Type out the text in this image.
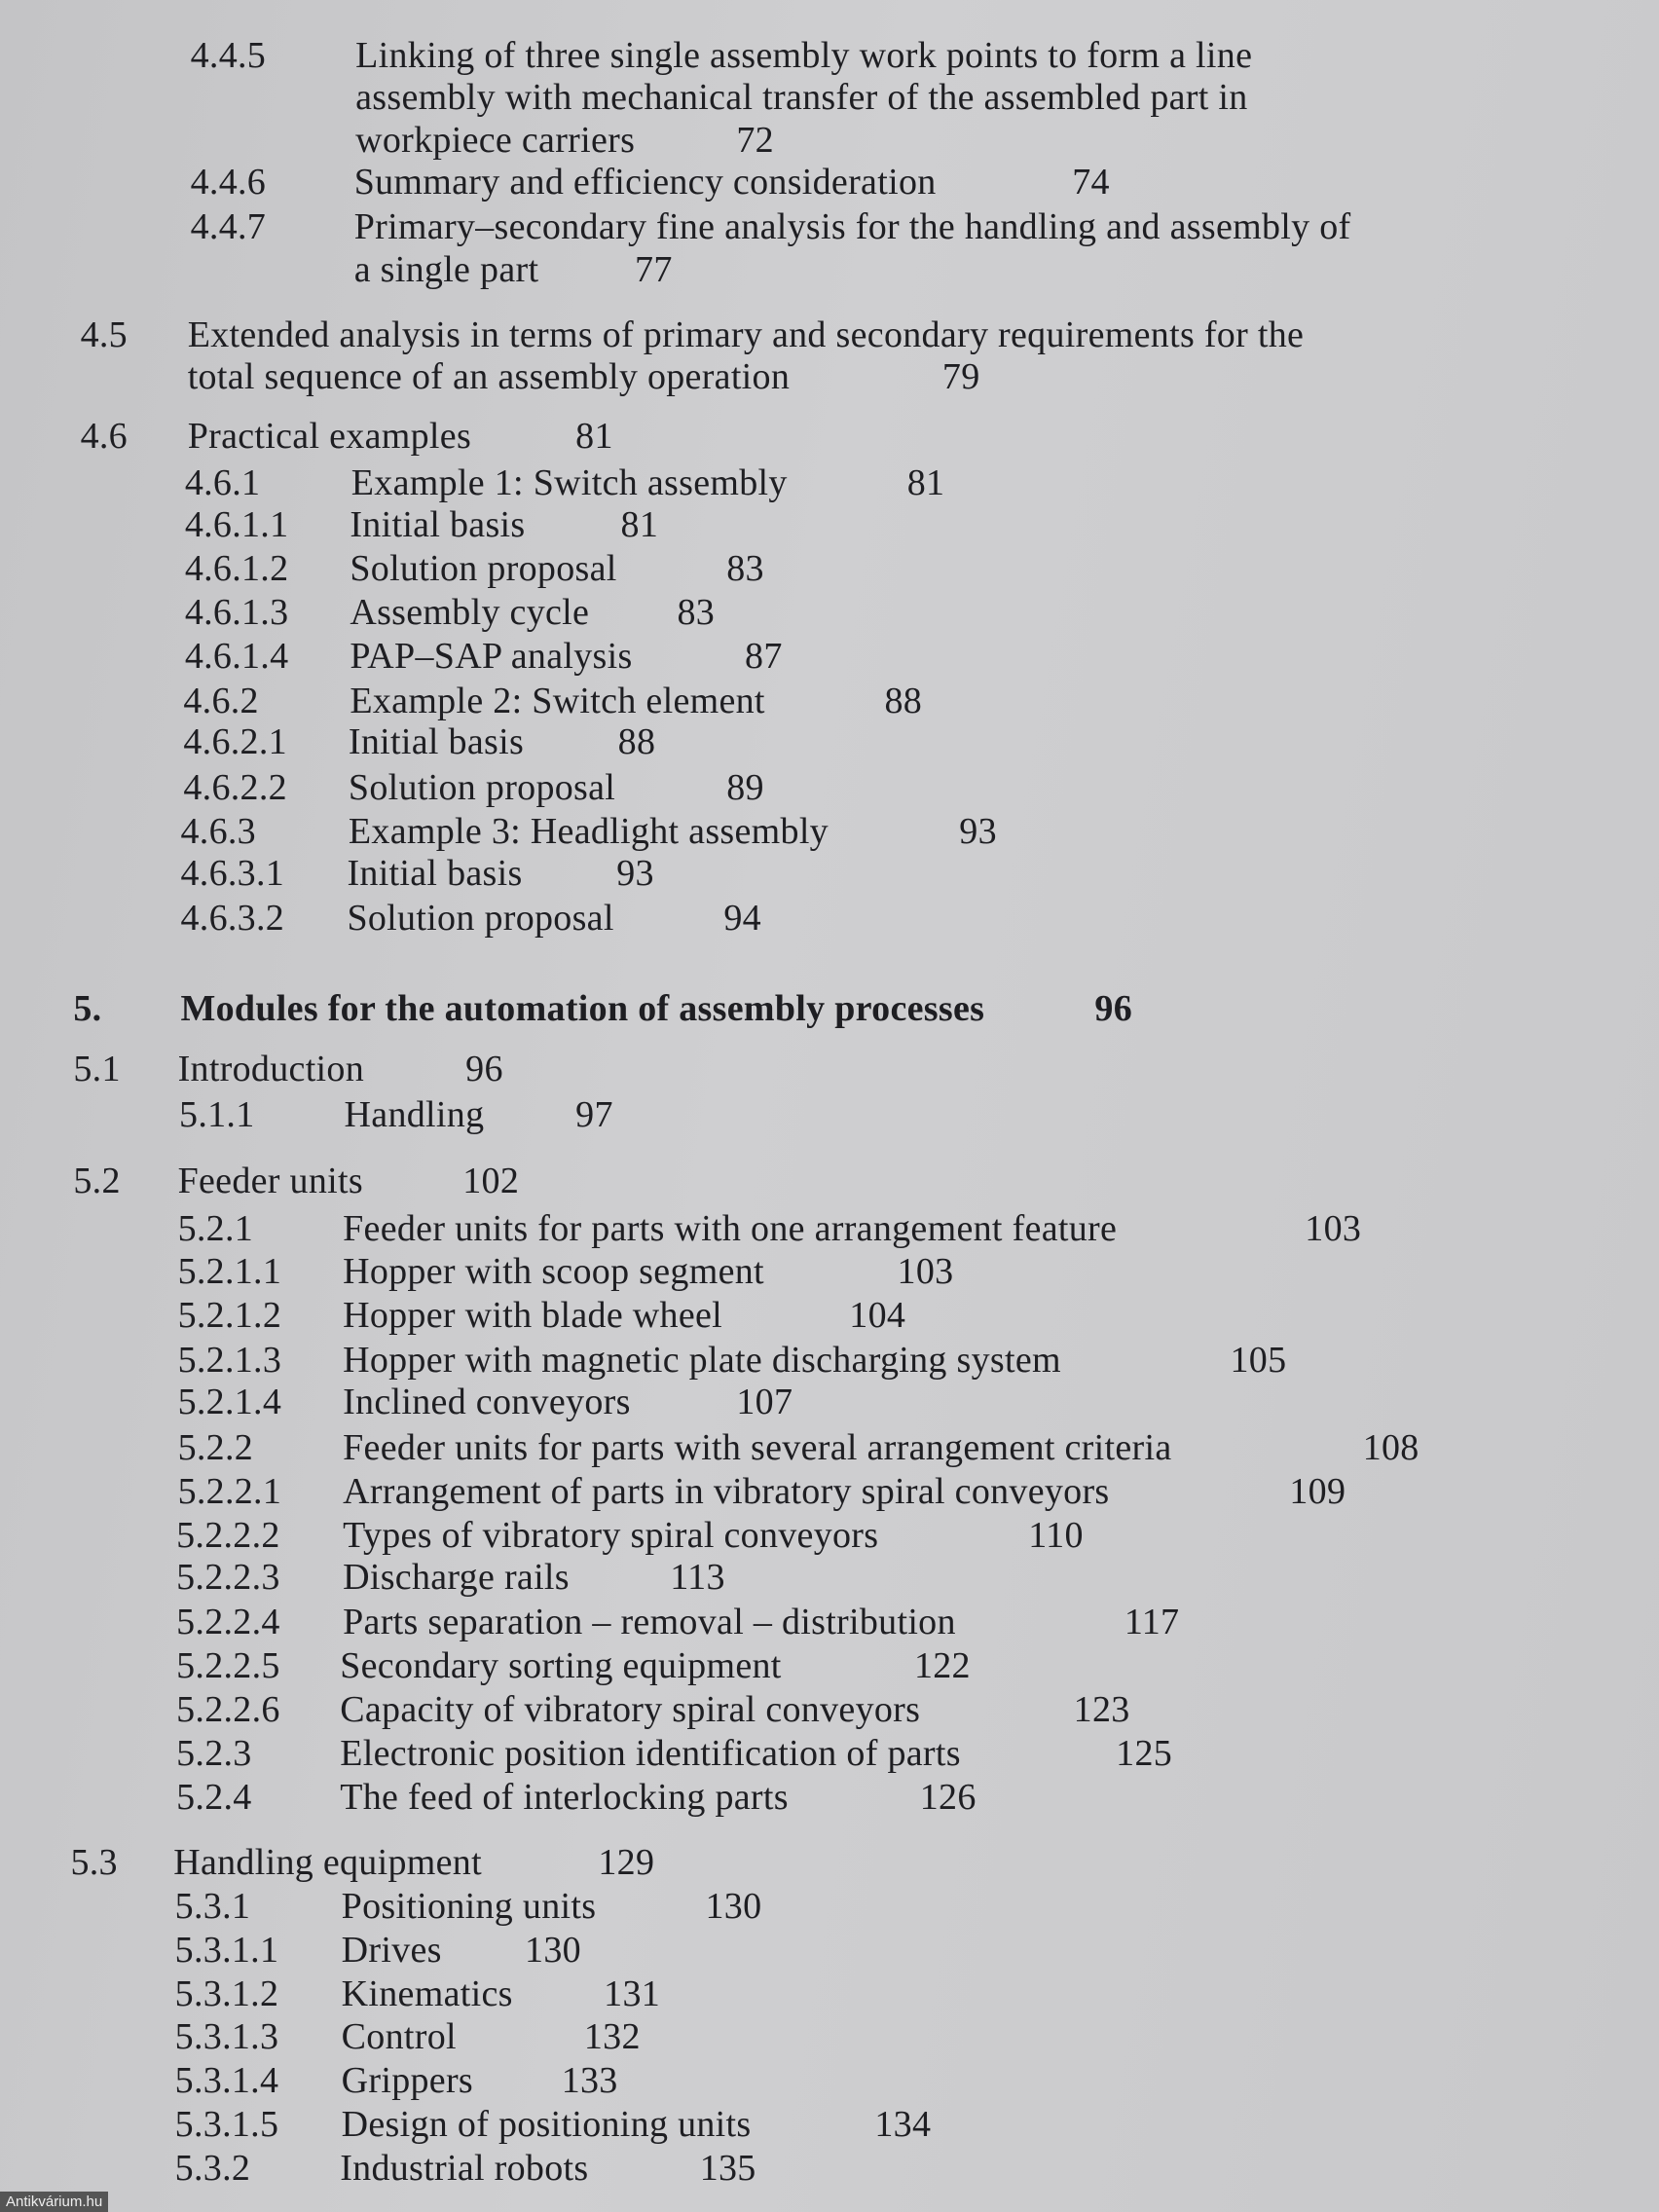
4.4.5 Linking of three single assembly work points to form a line
assembly with mechanical transfer of the assembled part in
workpiece carriers	72
4.4.6 Summary and efficiency consideration	74
4.4.7 Primary–secondary fine analysis for the handling and assembly of
a single part	77
4.5 Extended analysis in terms of primary and secondary requirements for the
total sequence of an assembly operation	79
4.6 Practical examples	81
4.6.1 Example 1: Switch assembly	81
4.6.1.1 Initial basis	81
4.6.1.2 Solution proposal	83
4.6.1.3 Assembly cycle 83
4.6.1.4 PAP–SAP analysis	87
4.6.2 Example 2: Switch element	88
4.6.2.1 Initial basis	88
4.6.2.2 Solution proposal	89
4.6.3 Example 3: Headlight assembly	93
4.6.3.1 Initial basis	93
4.6.3.2 Solution proposal	94
5. Modules for the automation of assembly processes	96
5.1 Introduction	96
5.1.1 Handling 97
5.2 Feeder units	102
5.2.1 Feeder units for parts with one arrangement feature	103
5.2.1.1 Hopper with scoop segment	103
5.2.1.2 Hopper with blade wheel	104
5.2.1.3 Hopper with magnetic plate discharging system	105
5.2.1.4 Inclined conveyors	107
5.2.2 Feeder units for parts with several arrangement criteria	108
5.2.2.1 Arrangement of parts in vibratory spiral conveyors	109
5.2.2.2 Types of vibratory spiral conveyors	110
5.2.2.3 Discharge rails	113
5.2.2.4 Parts separation – removal – distribution	117
5.2.2.5 Secondary sorting equipment	122
5.2.2.6 Capacity of vibratory spiral conveyors	123
5.2.3 Electronic position identification of parts	125
5.2.4 The feed of interlocking parts	126
5.3 Handling equipment	129
5.3.1 Positioning units	130
5.3.1.1 Drives 130
5.3.1.2 Kinematics 131
5.3.1.3 Control	132
5.3.1.4 Grippers 133
5.3.1.5 Design of positioning units	134
5.3.2 Industrial robots	135
Antikvárium.hu
